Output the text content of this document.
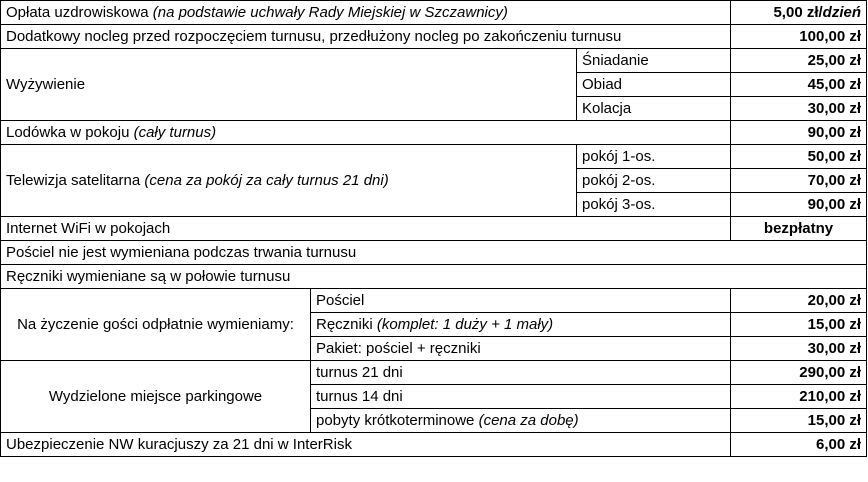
Opłata uzdrowiskowa (na podstawie uchwały Rady Miejskiej w Szczawnicy)			5,00 zł/dzień
Dodatkowy nocleg przed rozpoczęciem turnusu, przedłużony nocleg po zakończeniu turnusu			100,00 zł
Wyżywienie		Śniadanie	25,00 zł
		Obiad	45,00 zł
		Kolacja	30,00 zł
Lodówka w pokoju (cały turnus)			90,00 zł
Telewizja satelitarna (cena za pokój za cały turnus 21 dni)		pokój 1-os.	50,00 zł
		pokój 2-os.	70,00 zł
		pokój 3-os.	90,00 zł
Internet WiFi w pokojach			bezpłatny
Pościel nie jest wymieniana podczas trwania turnusu			
Ręczniki wymieniane są w połowie turnusu			
Na życzenie gości odpłatnie wymieniamy:	Pościel		20,00 zł
	Ręczniki (komplet: 1 duży + 1 mały)		15,00 zł
	Pakiet: pościel + ręczniki		30,00 zł
Wydzielone miejsce parkingowe	turnus 21 dni		290,00 zł
	turnus 14 dni		210,00 zł
	pobyty krótkoterminowe (cena za dobę)		15,00 zł
Ubezpieczenie NW kuracjuszy za 21 dni w InterRisk			6,00 zł
